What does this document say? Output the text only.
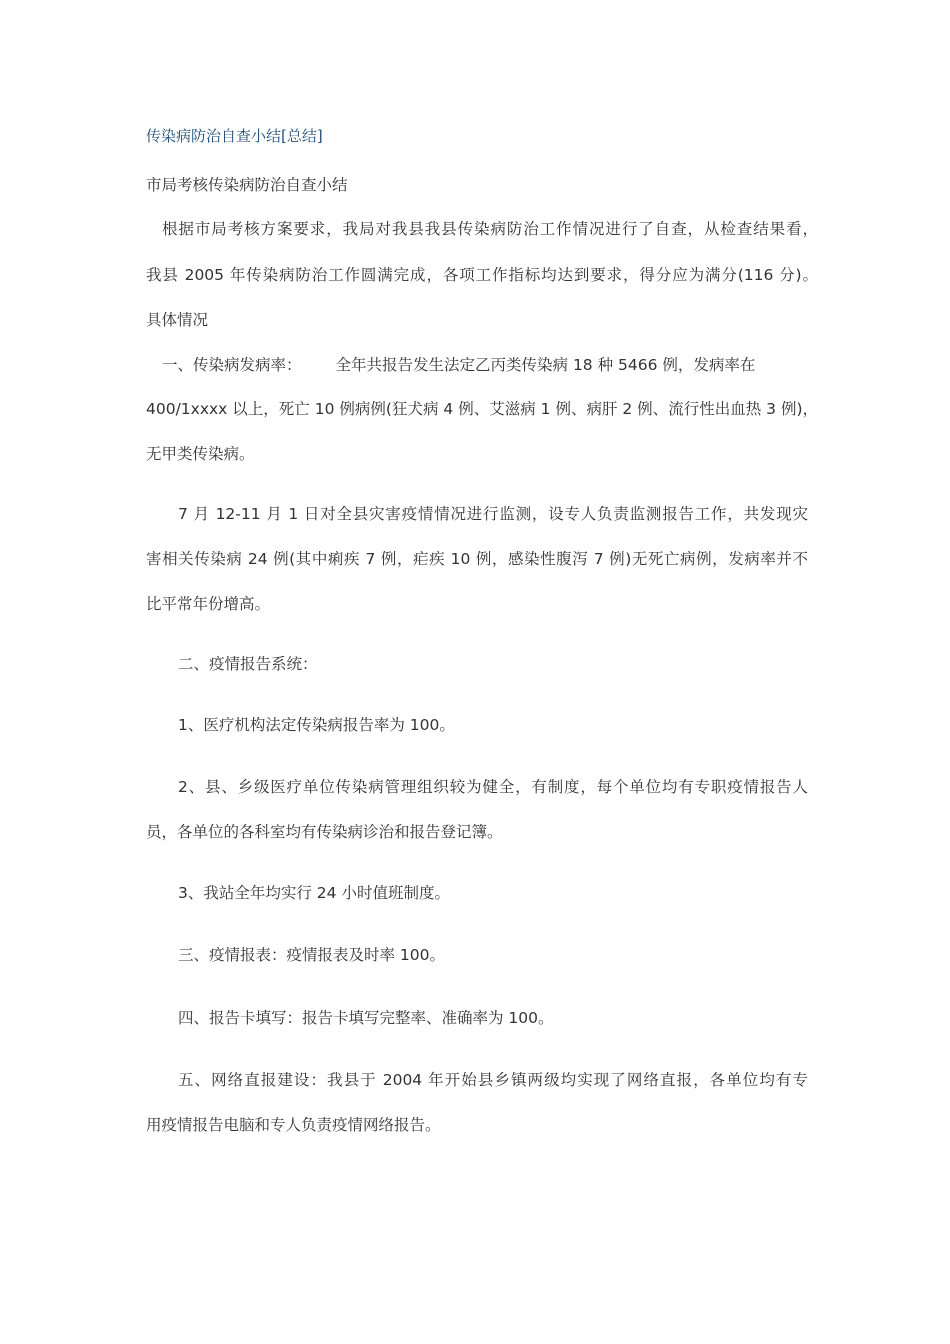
传染病防治自查小结[总结]
市局考核传染病防治自查小结
根据市局考核方案要求，我局对我县我县传染病防治工作情况进行了自查，从检查结果看，
我县 2005 年传染病防治工作圆满完成，各项工作指标均达到要求，得分应为满分(116 分)。
具体情况
一、传染病发病率： 全年共报告发生法定乙丙类传染病 18 种 5466 例，发病率在
400/1xxxx 以上，死亡 10 例病例(狂犬病 4 例、艾滋病 1 例、病肝 2 例、流行性出血热 3 例)，
无甲类传染病。
7 月 12-11 月 1 日对全县灾害疫情情况进行监测，设专人负责监测报告工作，共发现灾
害相关传染病 24 例(其中痢疾 7 例，疟疾 10 例，感染性腹泻 7 例)无死亡病例，发病率并不
比平常年份增高。
二、疫情报告系统：
1、医疗机构法定传染病报告率为 100。
2、县、乡级医疗单位传染病管理组织较为健全，有制度，每个单位均有专职疫情报告人
员，各单位的各科室均有传染病诊治和报告登记簿。
3、我站全年均实行 24 小时值班制度。
三、疫情报表：疫情报表及时率 100。
四、报告卡填写：报告卡填写完整率、准确率为 100。
五、网络直报建设：我县于 2004 年开始县乡镇两级均实现了网络直报，各单位均有专
用疫情报告电脑和专人负责疫情网络报告。
